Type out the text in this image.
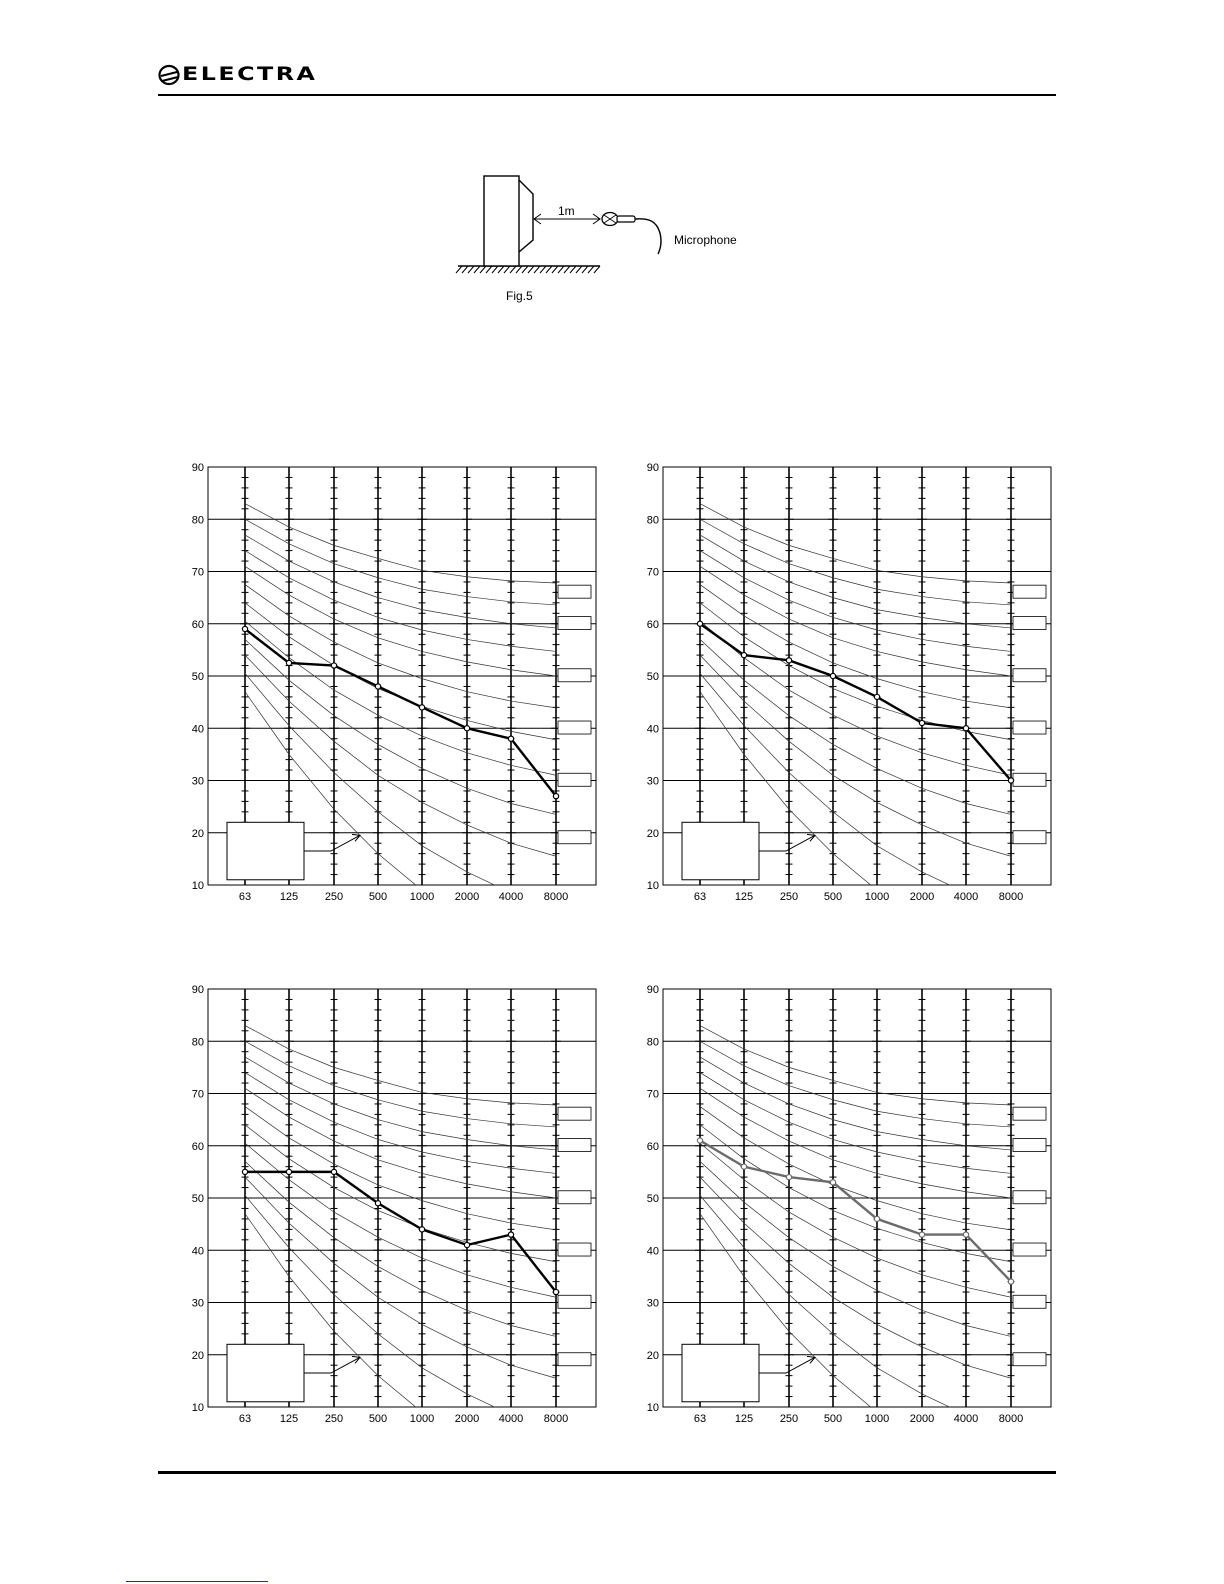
ELECTRA
1m
Microphone
Fig.5
90
80
70
60
50
40
30
20
10
63	125 250 500 1000 2000 4000 8000
90
80
70
60
50
40
30
20
10
63	125 250 500 1000 2000 4000 8000
90
80
70
60
50
40
30
20
10
63	125 250 500 1000 2000 4000 8000
90
80
70
60
50
40
30
20
10
63	125 250 500 1000 2000 4000 8000
